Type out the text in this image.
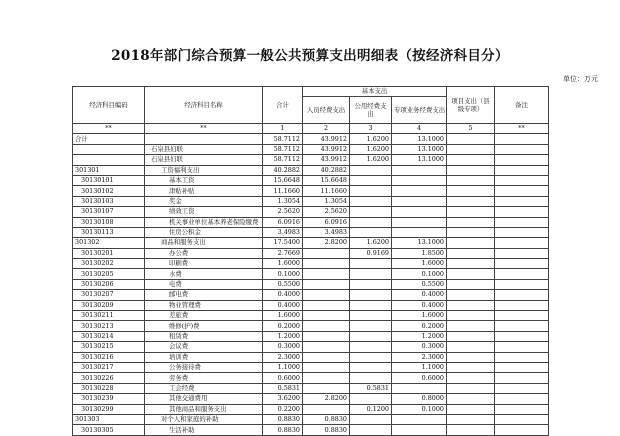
2018年部门综合预算一般公共预算支出明细表（按经济科目分）
单位：万元
经济科目编码	经济科目名称	合计	基本支出			项目支出（县级专项）	备注
			人员经费支出	公用经费支出	专项业务经费支出		
**	**	1	2	3	4	5	**
合计		58.7112	43.9912	1.6200	13.1000		
	石泉县妇联	58.7112	43.9912	1.6200	13.1000		
	石泉县妇联	58.7112	43.9912	1.6200	13.1000		
301301	工资福利支出	40.2882	40.2882				
30130101	基本工资	15.6648	15.6648				
30130102	津贴补贴	11.1660	11.1660				
30130103	奖金	1.3054	1.3054				
30130107	绩效工资	2.5620	2.5620				
30130108	机关事业单位基本养老保险缴费	6.0916	6.0916				
30130113	住房公积金	3.4983	3.4983				
301302	商品和服务支出	17.5400	2.8200	1.6200	13.1000		
30130201	办公费	2.7669		0.9169	1.8500		
30130202	印刷费	1.6000			1.6000		
30130205	水费	0.1000			0.1000		
30130206	电费	0.5500			0.5500		
30130207	邮电费	0.4000			0.4000		
30130209	物业管理费	0.4000			0.4000		
30130211	差旅费	1.6000			1.6000		
30130213	维修(护)费	0.2000			0.2000		
30130214	租赁费	1.2000			1.2000		
30130215	会议费	0.3000			0.3000		
30130216	培训费	2.3000			2.3000		
30130217	公务接待费	1.1000			1.1000		
30130226	劳务费	0.6000			0.6000		
30130228	工会经费	0.5831		0.5831			
30130239	其他交通费用	3.6200	2.8200		0.8000		
30130299	其他商品和服务支出	0.2200		0.1200	0.1000		
301303	对个人和家庭的补助	0.8830	0.8830				
30130305	生活补助	0.8830	0.8830				
